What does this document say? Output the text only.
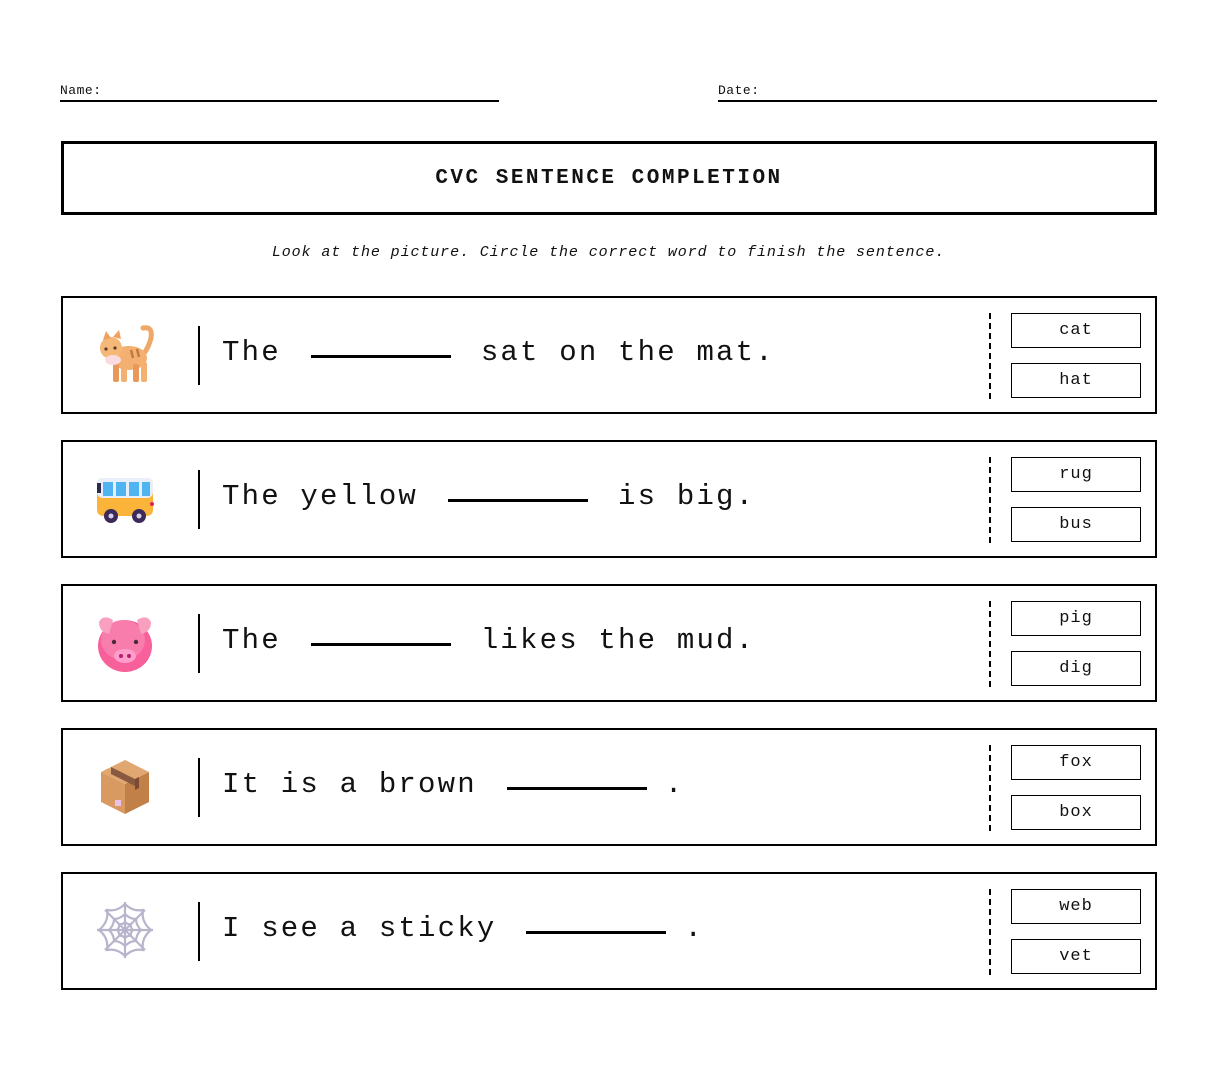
Name:	Date:
CVC SENTENCE COMPLETION
Look at the picture. Circle the correct word to finish the sentence.
The	sat on the mat.
cat
hat
The yellow	is big.
rug
bus
The	likes the mud.
pig
dig
It is a brown	.
fox
box
I see a sticky	.
web
vet
